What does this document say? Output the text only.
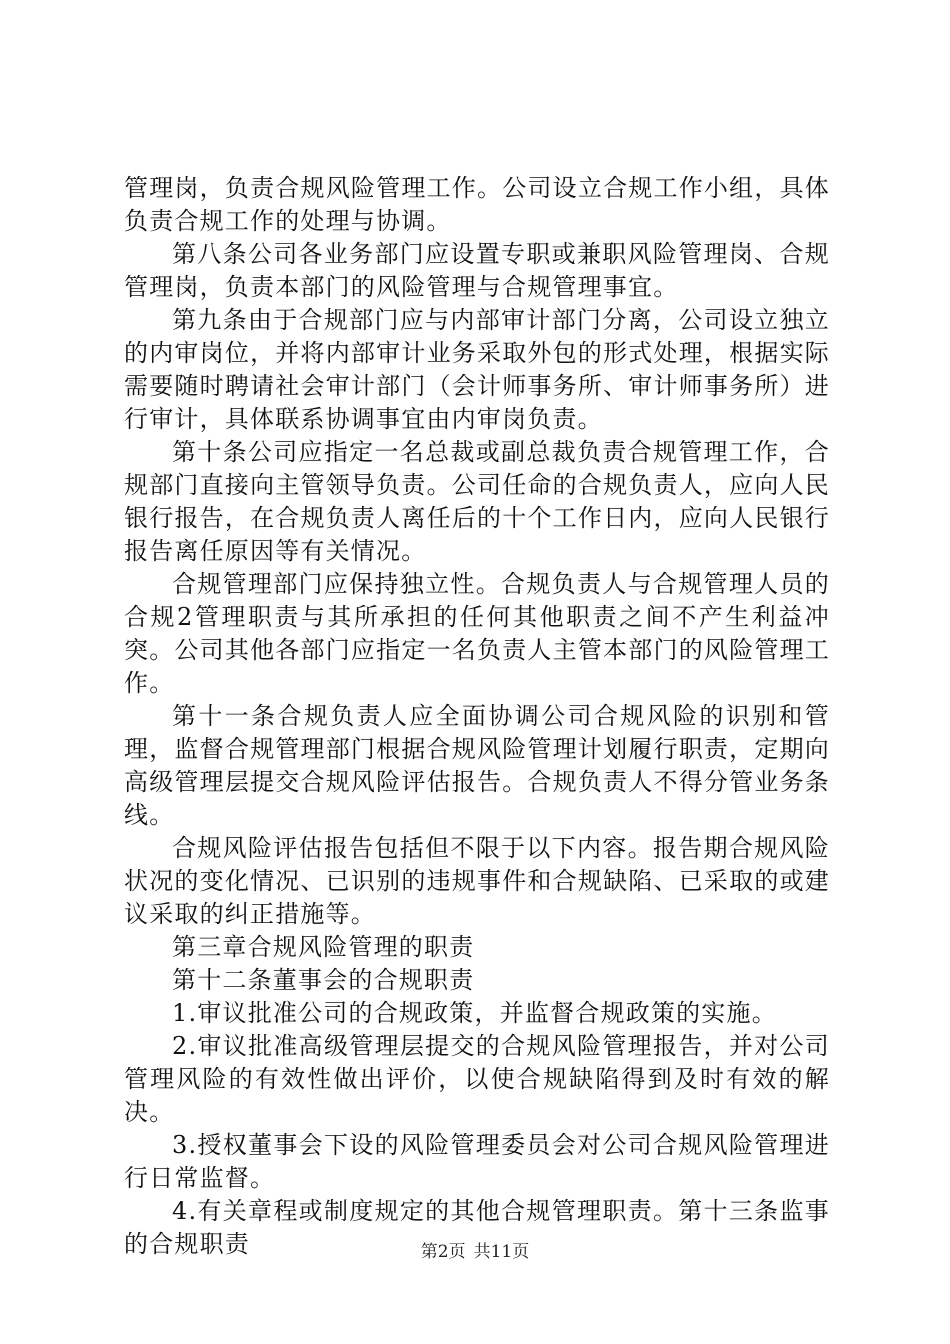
管理岗，负责合规风险管理工作。公司设立合规工作小组，具体负责合规工作的处理与协调。

第八条公司各业务部门应设置专职或兼职风险管理岗、合规管理岗，负责本部门的风险管理与合规管理事宜。

第九条由于合规部门应与内部审计部门分离，公司设立独立的内审岗位，并将内部审计业务采取外包的形式处理，根据实际需要随时聘请社会审计部门（会计师事务所、审计师事务所）进行审计，具体联系协调事宜由内审岗负责。

第十条公司应指定一名总裁或副总裁负责合规管理工作，合规部门直接向主管领导负责。公司任命的合规负责人，应向人民银行报告，在合规负责人离任后的十个工作日内，应向人民银行报告离任原因等有关情况。

合规管理部门应保持独立性。合规负责人与合规管理人员的合规2管理职责与其所承担的任何其他职责之间不产生利益冲突。公司其他各部门应指定一名负责人主管本部门的风险管理工作。

第十一条合规负责人应全面协调公司合规风险的识别和管理，监督合规管理部门根据合规风险管理计划履行职责，定期向高级管理层提交合规风险评估报告。合规负责人不得分管业务条线。

合规风险评估报告包括但不限于以下内容。报告期合规风险状况的变化情况、已识别的违规事件和合规缺陷、已采取的或建议采取的纠正措施等。

第三章合规风险管理的职责

第十二条董事会的合规职责

1.审议批准公司的合规政策，并监督合规政策的实施。

2.审议批准高级管理层提交的合规风险管理报告，并对公司管理风险的有效性做出评价，以使合规缺陷得到及时有效的解决。

3.授权董事会下设的风险管理委员会对公司合规风险管理进行日常监督。

4.有关章程或制度规定的其他合规管理职责。第十三条监事的合规职责	第2页 共11页
